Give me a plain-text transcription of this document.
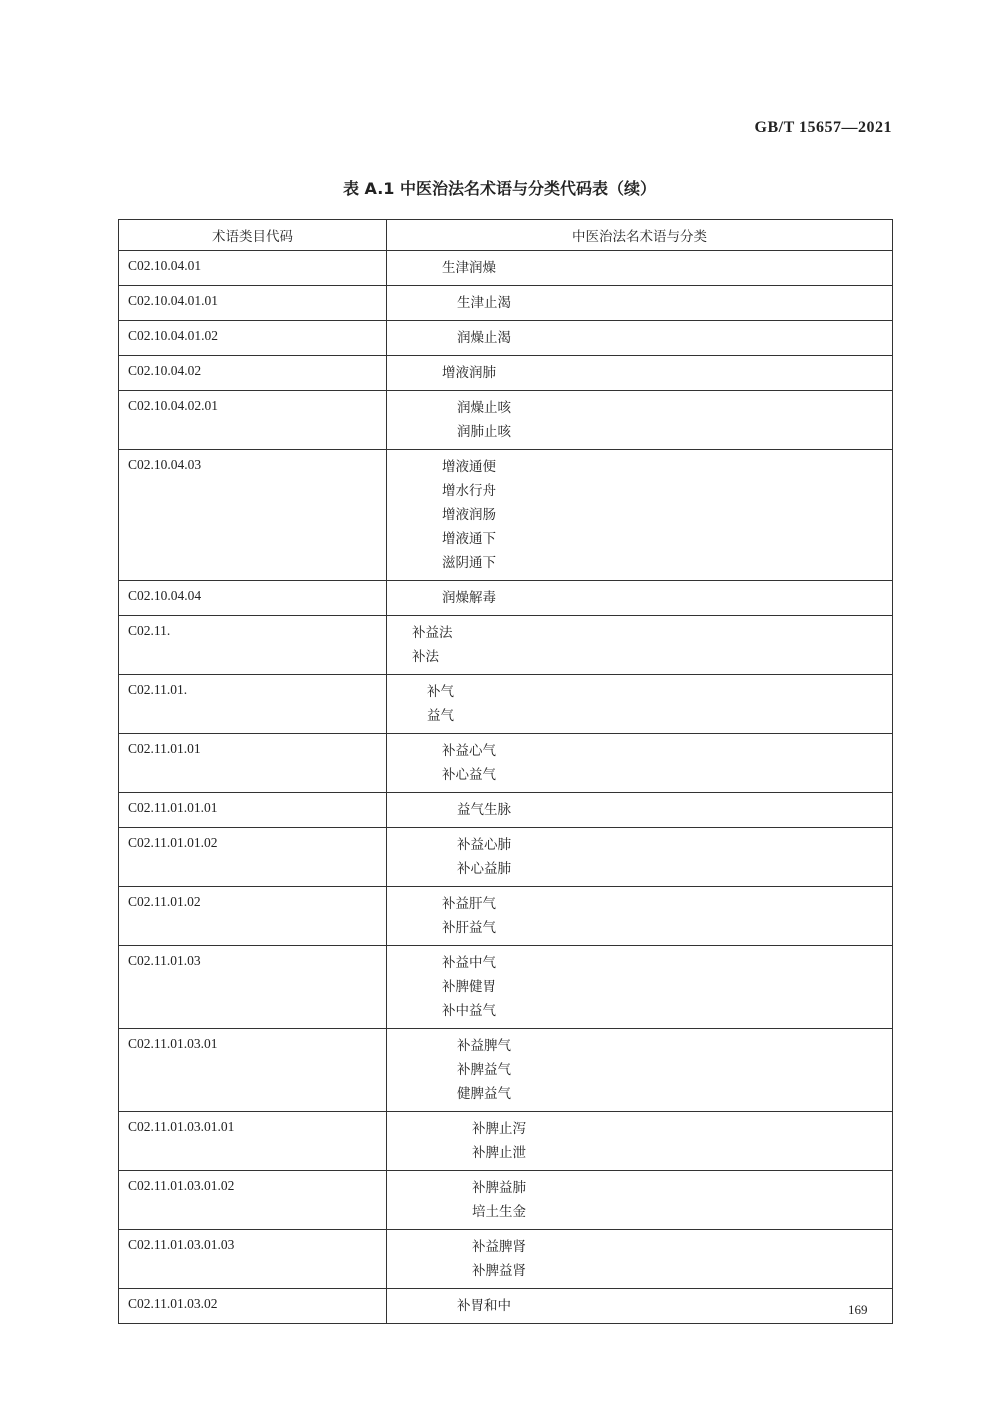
GB/T 15657—2021
表 A.1 中医治法名术语与分类代码表（续）
术语类目代码	中医治法名术语与分类
C02.10.04.01	生津润燥

C02.10.04.01.01	生津止渴

C02.10.04.01.02	润燥止渴

C02.10.04.02	增液润肺

C02.10.04.02.01	润燥止咳
润肺止咳

C02.10.04.03	增液通便
增水行舟
增液润肠
增液通下
滋阴通下

C02.10.04.04	润燥解毒

C02.11.	补益法
补法

C02.11.01.	补气
益气

C02.11.01.01	补益心气
补心益气

C02.11.01.01.01	益气生脉

C02.11.01.01.02	补益心肺
补心益肺

C02.11.01.02	补益肝气
补肝益气

C02.11.01.03	补益中气
补脾健胃
补中益气

C02.11.01.03.01	补益脾气
补脾益气
健脾益气

C02.11.01.03.01.01	补脾止泻
补脾止泄

C02.11.01.03.01.02	补脾益肺
培土生金

C02.11.01.03.01.03	补益脾肾
补脾益肾

C02.11.01.03.02	补胃和中	169
